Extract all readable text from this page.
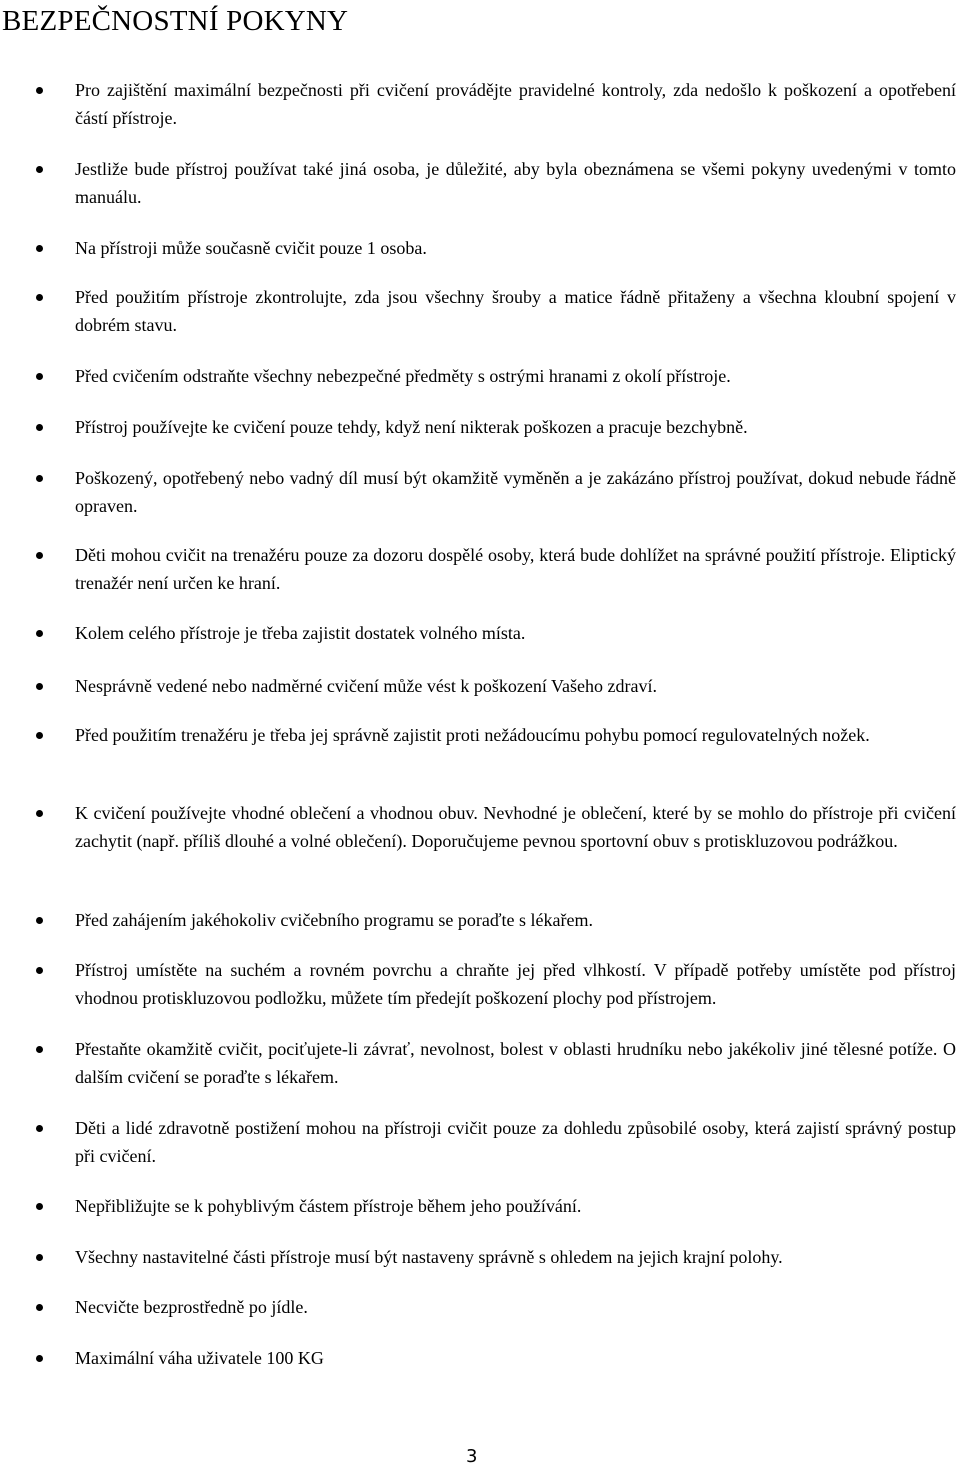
BEZPEČNOSTNÍ POKYNY
Pro zajištění maximální bezpečnosti při cvičení provádějte pravidelné kontroly, zda nedošlo k poškození a opotřebení částí přístroje.
Jestliže bude přístroj používat také jiná osoba, je důležité, aby byla obeznámena se všemi pokyny uvedenými v tomto manuálu.
Na přístroji může současně cvičit pouze 1 osoba.
Před použitím přístroje zkontrolujte, zda jsou všechny šrouby a matice řádně přitaženy a všechna kloubní spojení v dobrém stavu.
Před cvičením odstraňte všechny nebezpečné předměty s ostrými hranami z okolí přístroje.
Přístroj používejte ke cvičení pouze tehdy, když není nikterak poškozen a pracuje bezchybně.
Poškozený, opotřebený nebo vadný díl musí být okamžitě vyměněn a je zakázáno přístroj používat, dokud nebude řádně opraven.
Děti mohou cvičit na trenažéru pouze za dozoru dospělé osoby, která bude dohlížet na správné použití přístroje. Eliptický trenažér není určen ke hraní.
Kolem celého přístroje je třeba zajistit dostatek volného místa.
Nesprávně vedené nebo nadměrné cvičení může vést k poškození Vašeho zdraví.
Před použitím trenažéru je třeba jej správně zajistit proti nežádoucímu pohybu pomocí regulovatelných nožek.
K cvičení používejte vhodné oblečení a vhodnou obuv. Nevhodné je oblečení, které by se mohlo do přístroje při cvičení zachytit (např. příliš dlouhé a volné oblečení). Doporučujeme pevnou sportovní obuv s protiskluzovou podrážkou.
Před zahájením jakéhokoliv cvičebního programu se poraďte s lékařem.
Přístroj umístěte na suchém a rovném povrchu a chraňte jej před vlhkostí. V případě potřeby umístěte pod přístroj vhodnou protiskluzovou podložku, můžete tím předejít poškození plochy pod přístrojem.
Přestaňte okamžitě cvičit, pociťujete-li závrať, nevolnost, bolest v oblasti hrudníku nebo jakékoliv jiné tělesné potíže. O dalším cvičení se poraďte s lékařem.
Děti a lidé zdravotně postižení mohou na přístroji cvičit pouze za dohledu způsobilé osoby, která zajistí správný postup při cvičení.
Nepřibližujte se k pohyblivým částem přístroje během jeho používání.
Všechny nastavitelné části přístroje musí být nastaveny správně s ohledem na jejich krajní polohy.
Necvičte bezprostředně po jídle.
Maximální váha uživatele 100 KG
3
